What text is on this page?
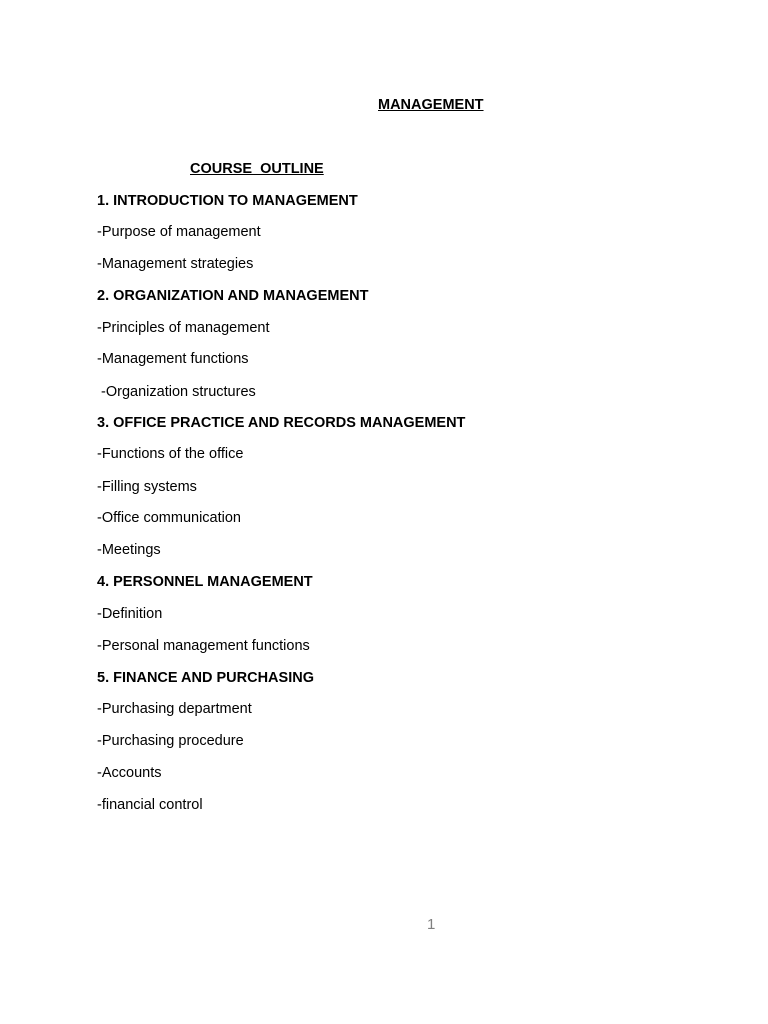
MANAGEMENT
COURSE  OUTLINE
1. INTRODUCTION TO MANAGEMENT
-Purpose of management
-Management strategies
2. ORGANIZATION AND MANAGEMENT
-Principles of management
-Management functions
-Organization structures
3. OFFICE PRACTICE AND RECORDS MANAGEMENT
-Functions of the office
-Filling systems
-Office communication
-Meetings
4. PERSONNEL MANAGEMENT
-Definition
-Personal management functions
5. FINANCE AND PURCHASING
-Purchasing department
-Purchasing procedure
-Accounts
-financial control
1
